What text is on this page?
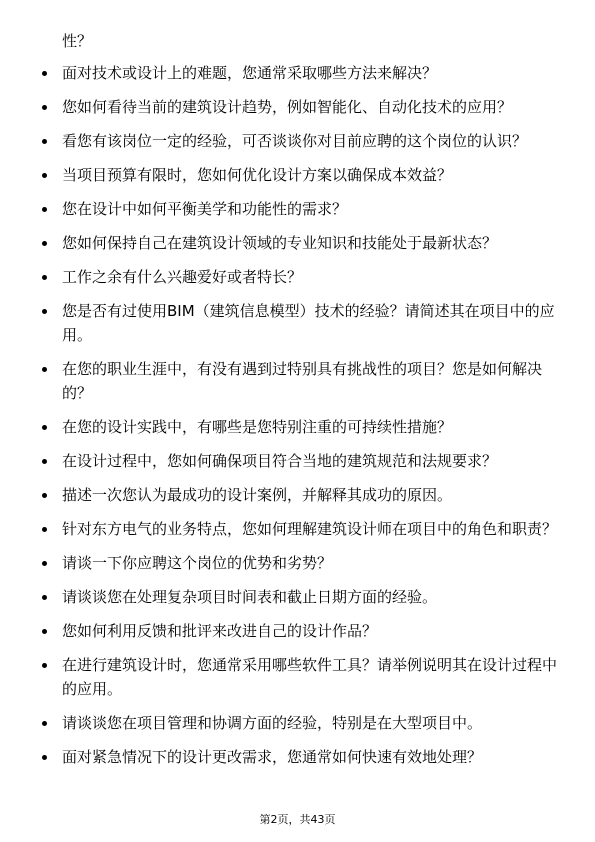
性？
面对技术或设计上的难题，您通常采取哪些方法来解决？
您如何看待当前的建筑设计趋势，例如智能化、自动化技术的应用？
看您有该岗位一定的经验，可否谈谈你对目前应聘的这个岗位的认识？
当项目预算有限时，您如何优化设计方案以确保成本效益？
您在设计中如何平衡美学和功能性的需求？
您如何保持自己在建筑设计领域的专业知识和技能处于最新状态？
工作之余有什么兴趣爱好或者特长？
您是否有过使用BIM（建筑信息模型）技术的经验？请简述其在项目中的应用。
在您的职业生涯中，有没有遇到过特别具有挑战性的项目？您是如何解决的？
在您的设计实践中，有哪些是您特别注重的可持续性措施？
在设计过程中，您如何确保项目符合当地的建筑规范和法规要求？
描述一次您认为最成功的设计案例，并解释其成功的原因。
针对东方电气的业务特点，您如何理解建筑设计师在项目中的角色和职责？
请谈一下你应聘这个岗位的优势和劣势？
请谈谈您在处理复杂项目时间表和截止日期方面的经验。
您如何利用反馈和批评来改进自己的设计作品？
在进行建筑设计时，您通常采用哪些软件工具？请举例说明其在设计过程中的应用。
请谈谈您在项目管理和协调方面的经验，特别是在大型项目中。
面对紧急情况下的设计更改需求，您通常如何快速有效地处理？
第2页，共43页
